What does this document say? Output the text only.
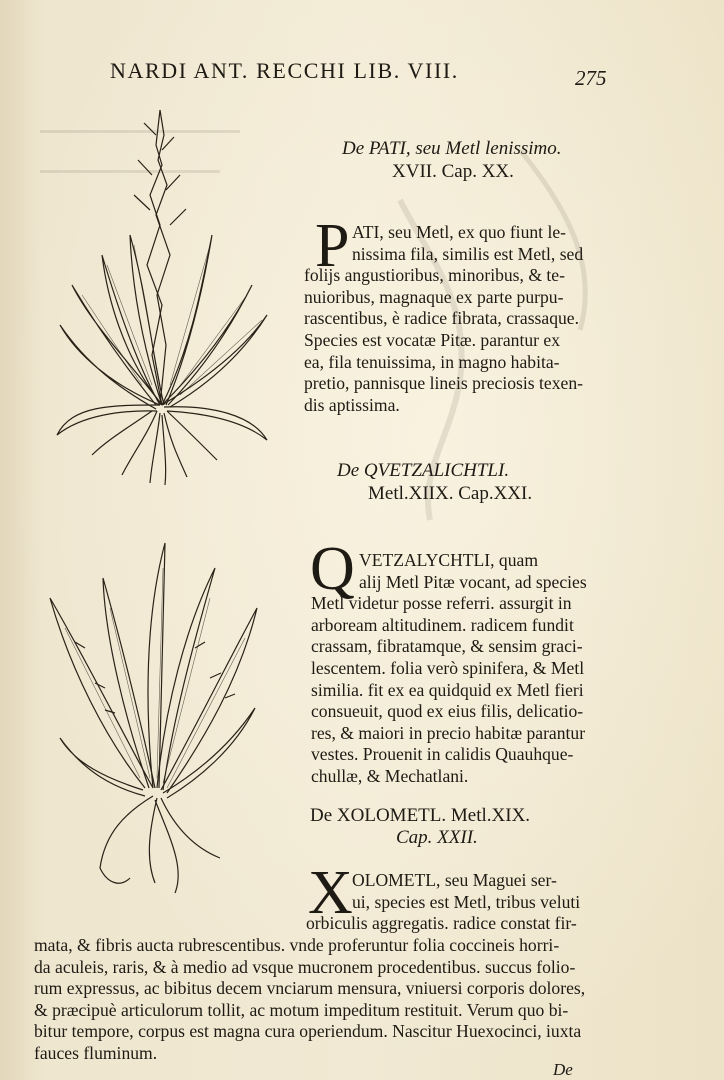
NARDI ANT. RECCHI LIB. VIII.	275
De PATI, seu Metl lenissimo.
XVII. Cap. XX.
P ATI, seu Metl, ex quo fiunt le-
nissima fila, similis est Metl, sed
folijs angustioribus, minoribus, & te-
nuioribus, magnaque ex parte purpu-
rascentibus, è radice fibrata, crassaque.
Species est vocatæ Pitæ. parantur ex
ea, fila tenuissima, in magno habita-
pretio, pannisque lineis preciosis texen-
dis aptissima.
De QVETZALICHTLI.
Metl.XIIX. Cap.XXI.
Q VETZALYCHTLI, quam
alij Metl Pitæ vocant, ad species
Metl videtur posse referri. assurgit in
arboream altitudinem. radicem fundit
crassam, fibratamque, & sensim graci-
lescentem. folia verò spinifera, & Metl
similia. fit ex ea quidquid ex Metl fieri
consueuit, quod ex eius filis, delicatio-
res, & maiori in precio habitæ parantur
vestes. Prouenit in calidis Quauhque-
chullæ, & Mechatlani.
De XOLOMETL. Metl.XIX.
Cap. XXII.
X OLOMETL, seu Maguei ser-
ui, species est Metl, tribus veluti
orbiculis aggregatis. radice constat fir-
mata, & fibris aucta rubrescentibus. vnde proferuntur folia coccineis horri-
da aculeis, raris, & à medio ad vsque mucronem procedentibus. succus folio-
rum expressus, ac bibitus decem vnciarum mensura, vniuersi corporis dolores,
& præcipuè articulorum tollit, ac motum impeditum restituit. Verum quo bi-
bitur tempore, corpus est magna cura operiendum. Nascitur Huexocinci, iuxta
fauces fluminum.
De
